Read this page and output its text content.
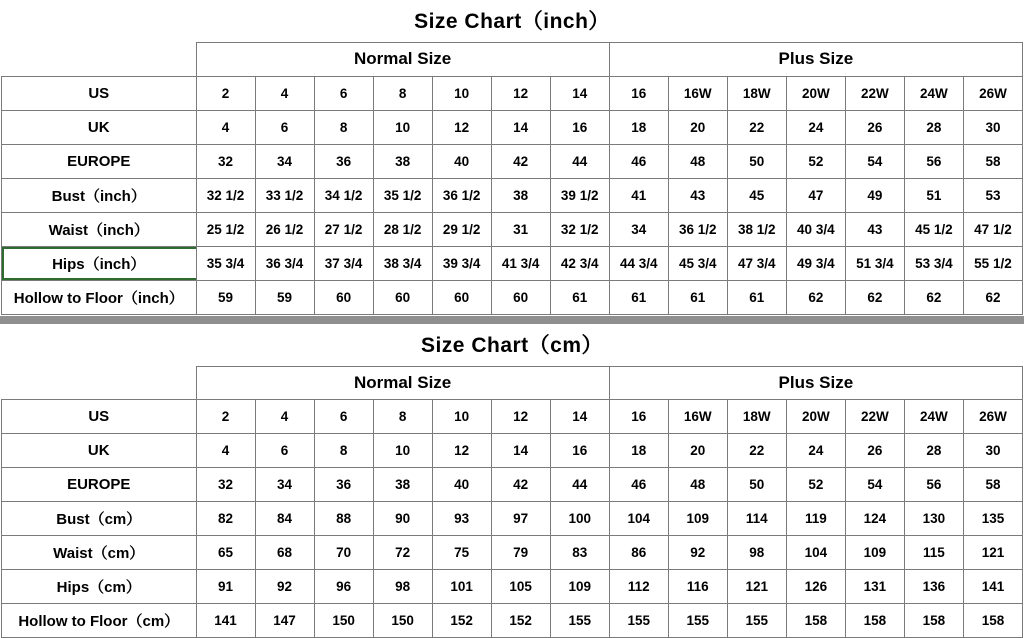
Size Chart（inch）
	Normal Size							Plus Size						
US	2	4	6	8	10	12	14	16	16W	18W	20W	22W	24W	26W
UK	4	6	8	10	12	14	16	18	20	22	24	26	28	30
EUROPE	32	34	36	38	40	42	44	46	48	50	52	54	56	58
Bust（inch）	32 1/2	33 1/2	34 1/2	35 1/2	36 1/2	38	39 1/2	41	43	45	47	49	51	53
Waist（inch）	25 1/2	26 1/2	27 1/2	28 1/2	29 1/2	31	32 1/2	34	36 1/2	38 1/2	40 3/4	43	45 1/2	47 1/2
Hips（inch）	35 3/4	36 3/4	37 3/4	38 3/4	39 3/4	41 3/4	42 3/4	44 3/4	45 3/4	47 3/4	49 3/4	51 3/4	53 3/4	55 1/2
Hollow to Floor（inch）	59	59	60	60	60	60	61	61	61	61	62	62	62	62
Size Chart（cm）
	Normal Size							Plus Size						
US	2	4	6	8	10	12	14	16	16W	18W	20W	22W	24W	26W
UK	4	6	8	10	12	14	16	18	20	22	24	26	28	30
EUROPE	32	34	36	38	40	42	44	46	48	50	52	54	56	58
Bust（cm）	82	84	88	90	93	97	100	104	109	114	119	124	130	135
Waist（cm）	65	68	70	72	75	79	83	86	92	98	104	109	115	121
Hips（cm）	91	92	96	98	101	105	109	112	116	121	126	131	136	141
Hollow to Floor（cm）	141	147	150	150	152	152	155	155	155	155	158	158	158	158
